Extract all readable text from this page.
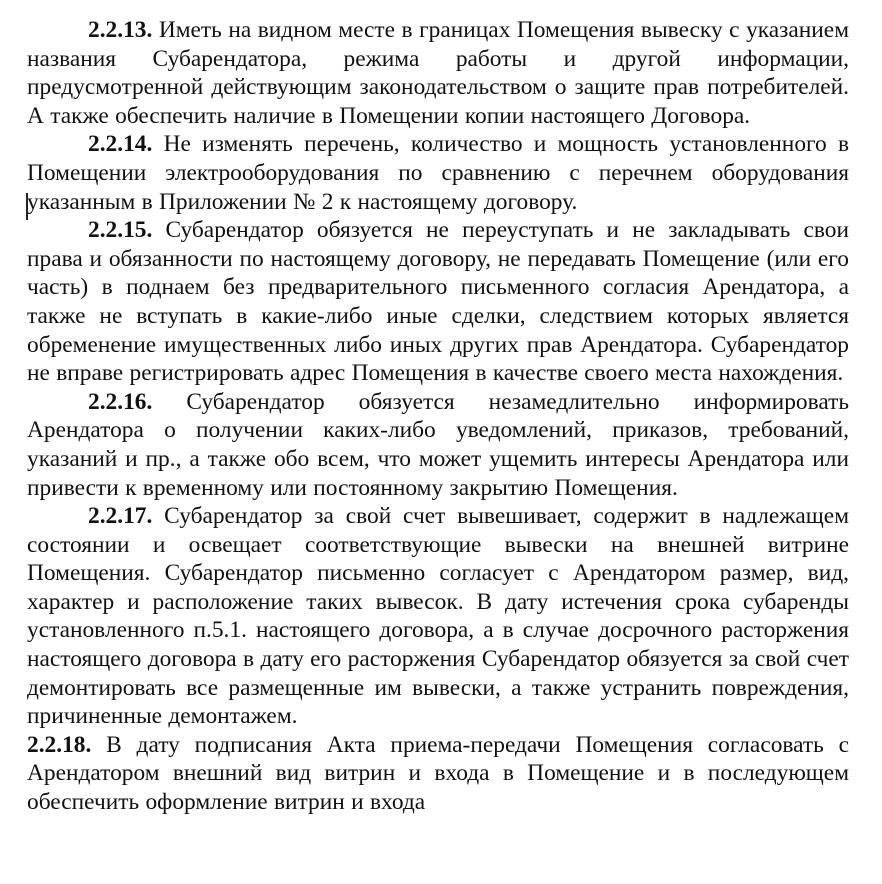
2.2.13. Иметь на видном месте в границах Помещения вывеску с указанием названия Субарендатора, режима работы и другой информации, предусмотренной действующим законодательством о защите прав потребителей. А также обеспечить наличие в Помещении копии настоящего Договора.

2.2.14. Не изменять перечень, количество и мощность установленного в Помещении электрооборудования по сравнению с перечнем оборудования указанным в Приложении № 2 к настоящему договору.

2.2.15. Субарендатор обязуется не переуступать и не закладывать свои права и обязанности по настоящему договору, не передавать Помещение (или его часть) в поднаем без предварительного письменного согласия Арендатора, а также не вступать в какие-либо иные сделки, следствием которых является обременение имущественных либо иных других прав Арендатора. Субарендатор не вправе регистрировать адрес Помещения в качестве своего места нахождения.

2.2.16. Субарендатор обязуется незамедлительно информировать Арендатора о получении каких-либо уведомлений, приказов, требований, указаний и пр., а также обо всем, что может ущемить интересы Арендатора или привести к временному или постоянному закрытию Помещения.

2.2.17. Субарендатор за свой счет вывешивает, содержит в надлежащем состоянии и освещает соответствующие вывески на внешней витрине Помещения. Субарендатор письменно согласует с Арендатором размер, вид, характер и расположение таких вывесок. В дату истечения срока субаренды установленного п.5.1. настоящего договора, а в случае досрочного расторжения настоящего договора в дату его расторжения Субарендатор обязуется за свой счет демонтировать все размещенные им вывески, а также устранить повреждения, причиненные демонтажем.

2.2.18. В дату подписания Акта приема-передачи Помещения согласовать с Арендатором внешний вид витрин и входа в Помещение и в последующем обеспечить оформление витрин и входа
